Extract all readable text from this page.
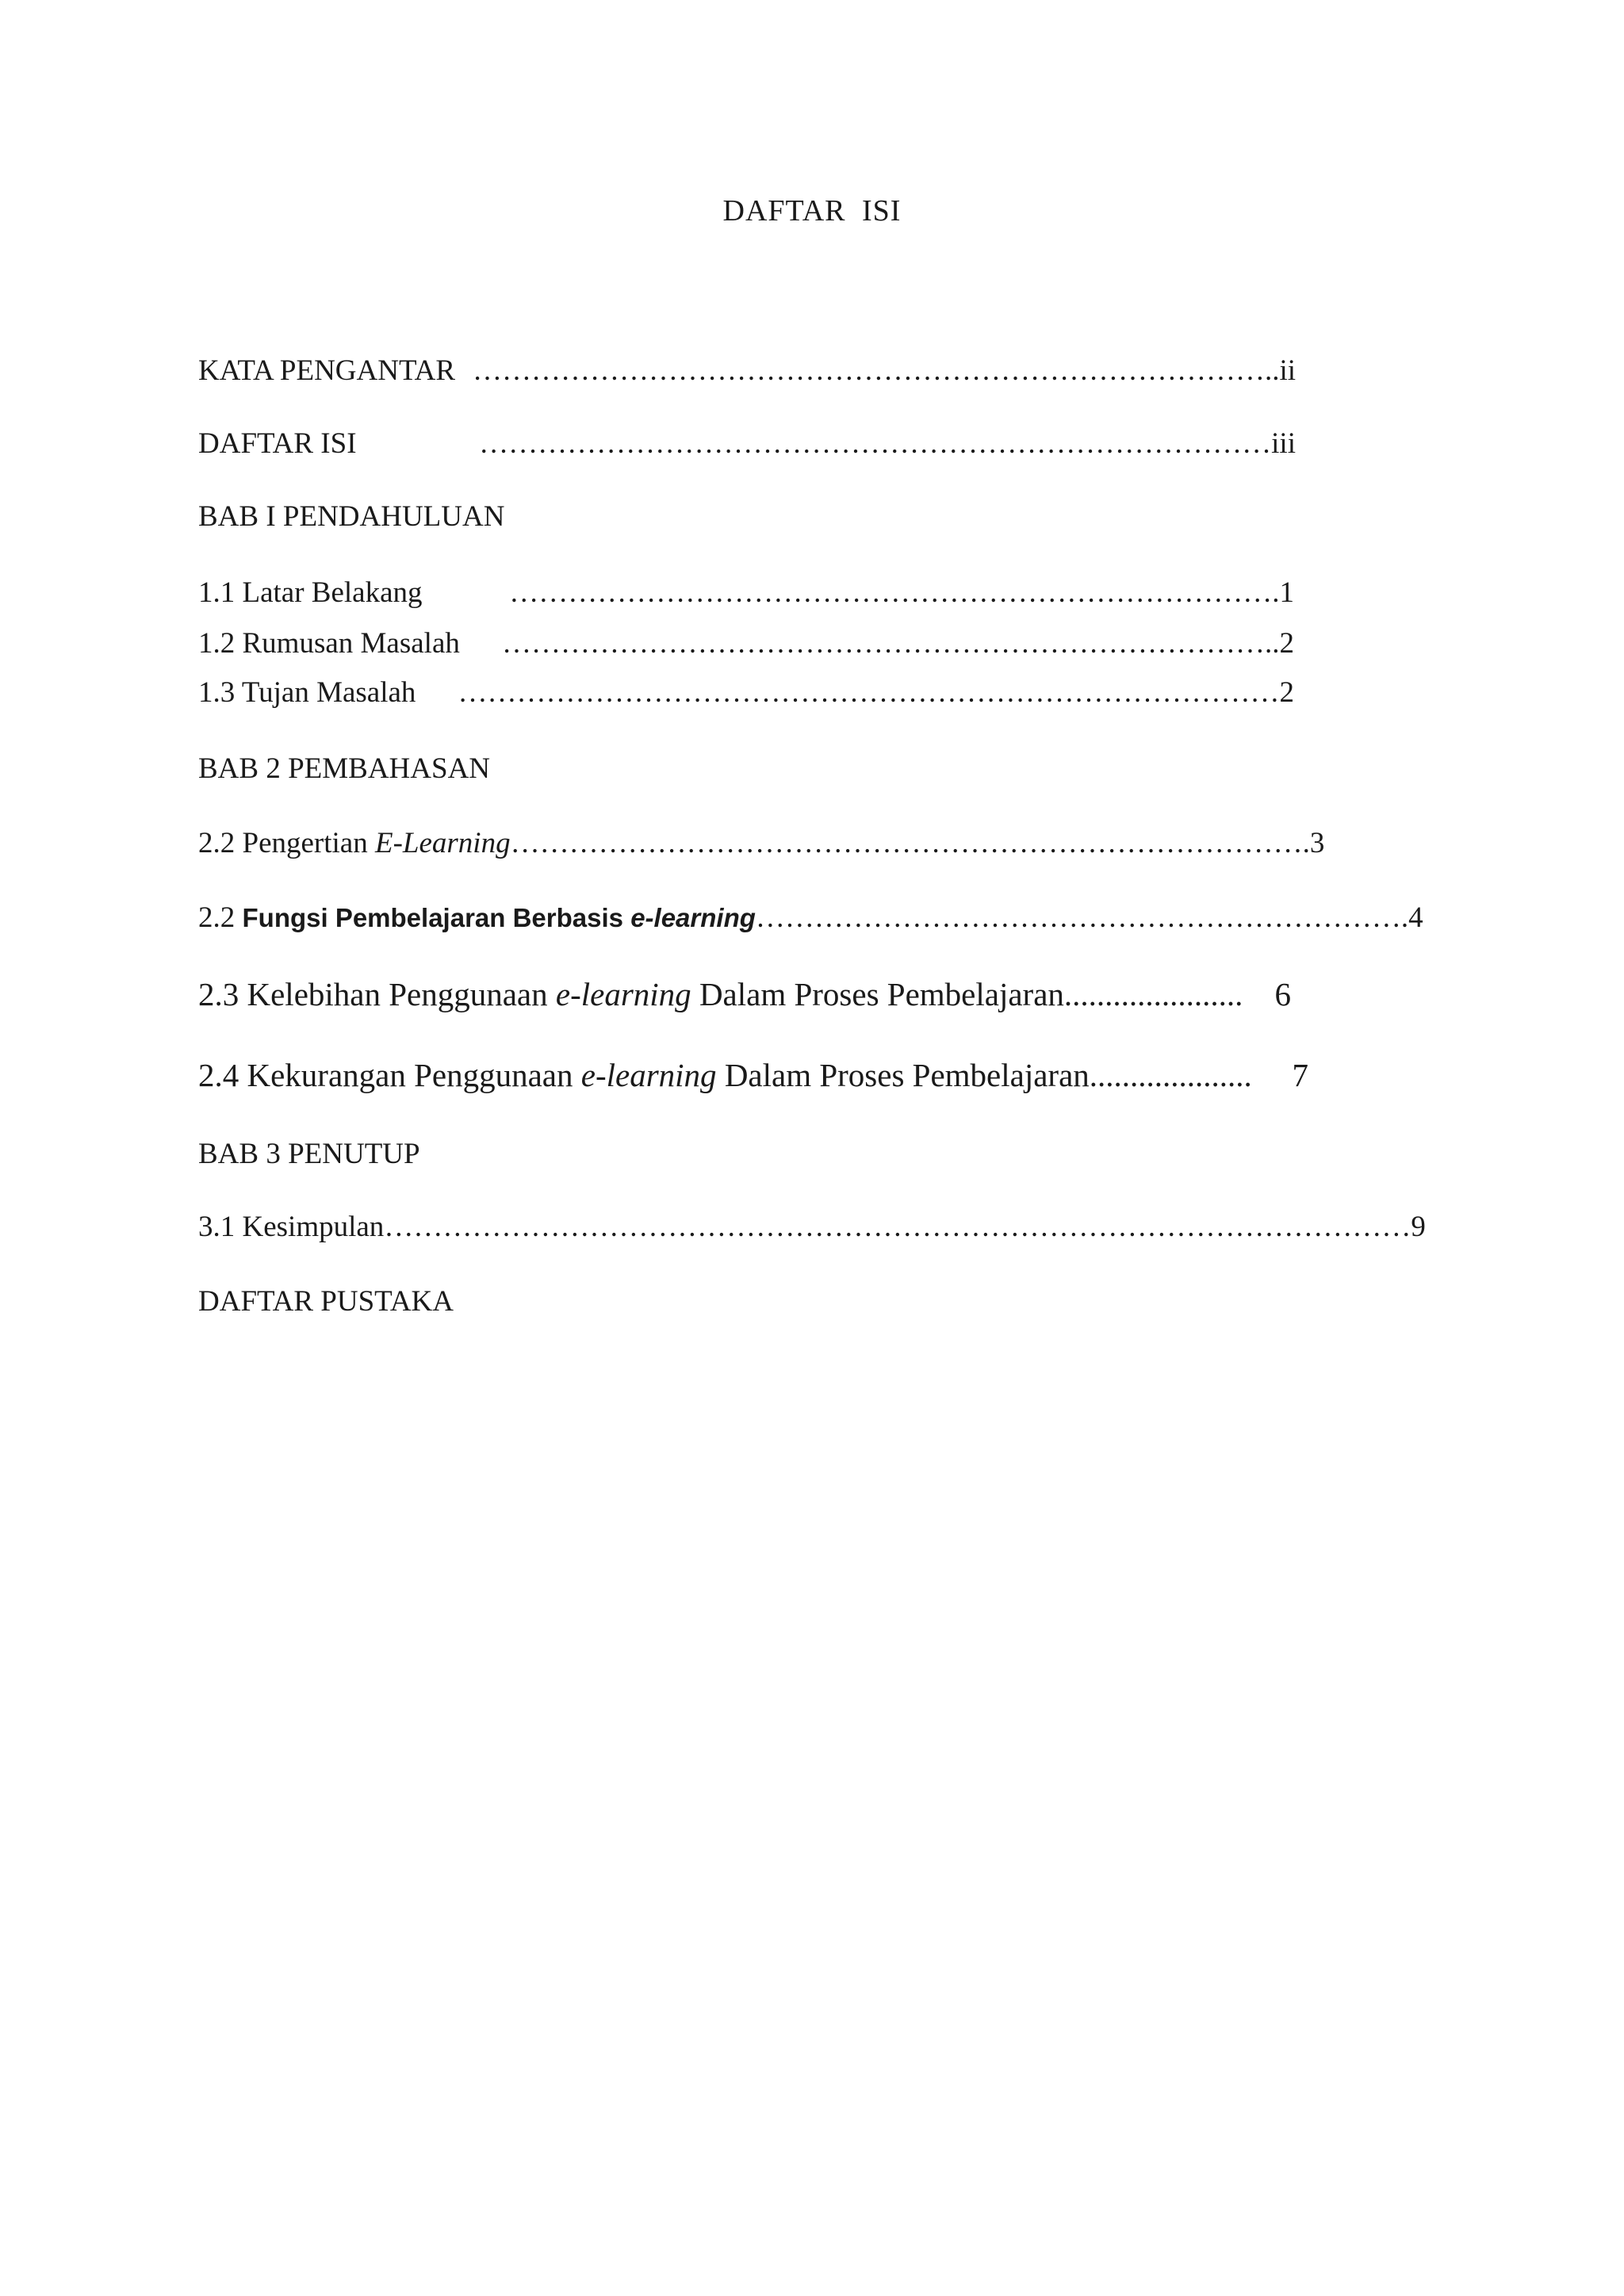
DAFTAR ISI
KATA PENGANTAR ……………………………………………………………………….. ii
DAFTAR ISI	……………………………………………………………………… iii
BAB I PENDAHULUAN
1.1 Latar Belakang	……………………………………………………………………. 1
1.2 Rumusan Masalah	…………………………………………………………………….. 2
1.3 Tujan Masalah	………………………………………………………………………… 2
BAB 2 PEMBAHASAN
2.2 Pengertian E-Learning ………………………………………………………………………. 3
2.2 Fungsi Pembelajaran Berbasis e-learning …………………………………………………………. 4
2.3 Kelebihan Penggunaan e-learning Dalam Proses Pembelajaran ...................... 6
2.4 Kekurangan Penggunaan e-learning Dalam Proses Pembelajaran ....................	7
BAB 3 PENUTUP
3.1 Kesimpulan …………………………………………………………………………………………… 9
DAFTAR PUSTAKA
